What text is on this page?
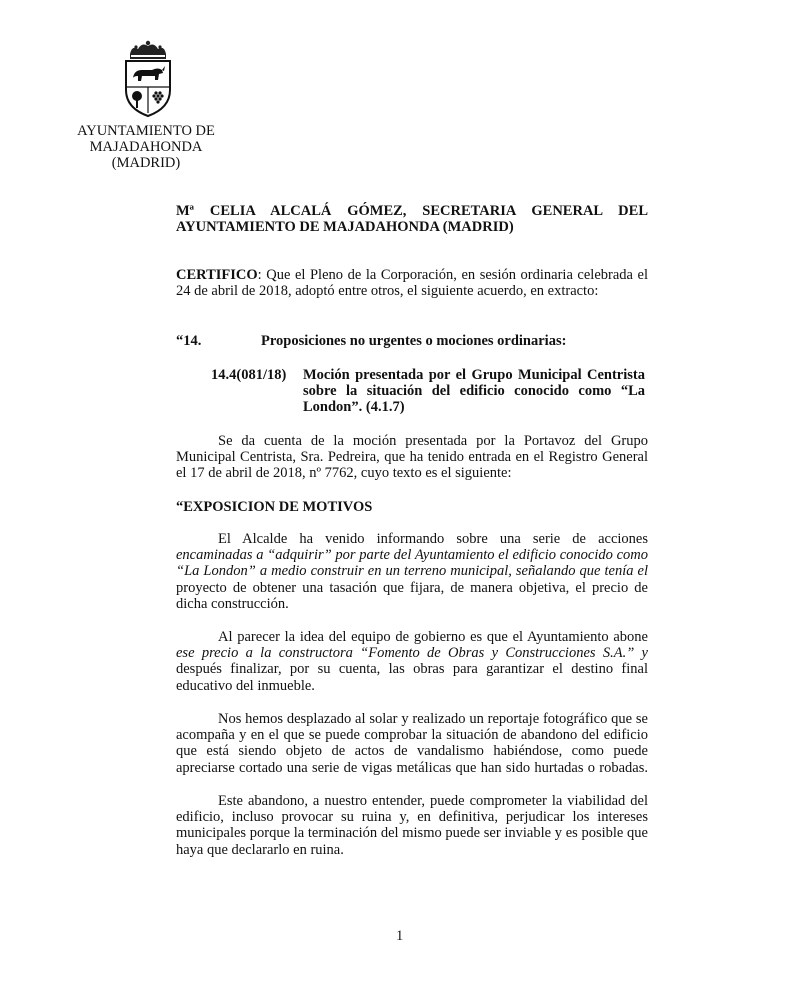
AYUNTAMIENTO DE
MAJADAHONDA
(MADRID)
Mª CELIA ALCALÁ GÓMEZ, SECRETARIA GENERAL DEL
AYUNTAMIENTO DE MAJADAHONDA (MADRID)
CERTIFICO: Que el Pleno de la Corporación, en sesión ordinaria celebrada el
24 de abril de 2018, adoptó entre otros, el siguiente acuerdo, en extracto:
“14.	Proposiciones no urgentes o mociones ordinarias:
14.4(081/18) Moción presentada por el Grupo Municipal Centrista
sobre la situación del edificio conocido como “La
London”. (4.1.7)
Se da cuenta de la moción presentada por la Portavoz del Grupo
Municipal Centrista, Sra. Pedreira, que ha tenido entrada en el Registro General
el 17 de abril de 2018, nº 7762, cuyo texto es el siguiente:
“EXPOSICION DE MOTIVOS
El Alcalde ha venido informando sobre una serie de acciones
encaminadas a “adquirir” por parte del Ayuntamiento el edificio conocido como
“La London” a medio construir en un terreno municipal, señalando que tenía el
proyecto de obtener una tasación que fijara, de manera objetiva, el precio de
dicha construcción.
Al parecer la idea del equipo de gobierno es que el Ayuntamiento abone
ese precio a la constructora “Fomento de Obras y Construcciones S.A.” y
después finalizar, por su cuenta, las obras para garantizar el destino final
educativo del inmueble.
Nos hemos desplazado al solar y realizado un reportaje fotográfico que se
acompaña y en el que se puede comprobar la situación de abandono del edificio
que está siendo objeto de actos de vandalismo habiéndose, como puede
apreciarse cortado una serie de vigas metálicas que han sido hurtadas o robadas.
Este abandono, a nuestro entender, puede comprometer la viabilidad del
edificio, incluso provocar su ruina y, en definitiva, perjudicar los intereses
municipales porque la terminación del mismo puede ser inviable y es posible que
haya que declararlo en ruina.
1
